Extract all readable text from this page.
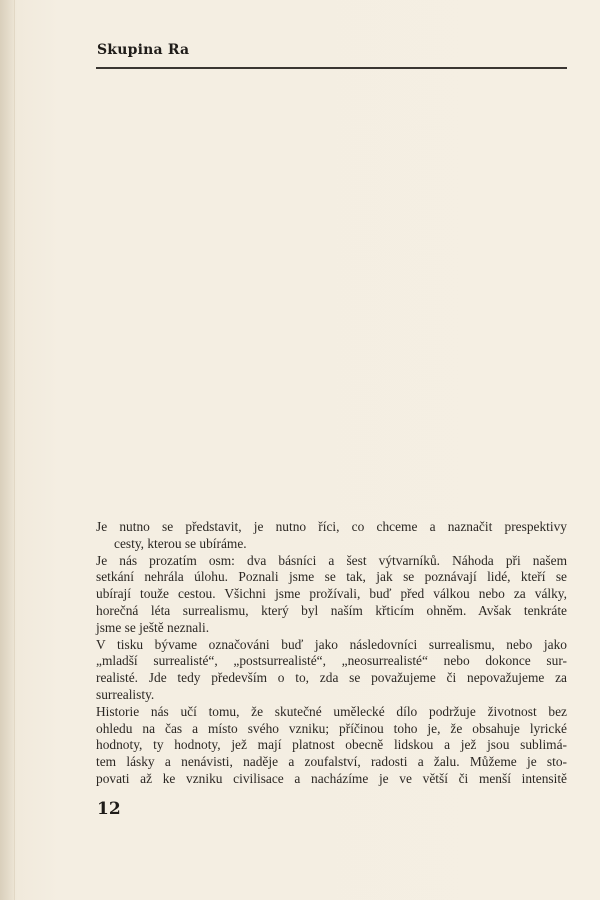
Skupina Ra
Je nutno se představit, je nutno říci, co chceme a naznačit prespektivy
cesty, kterou se ubíráme.
Je nás prozatím osm: dva básníci a šest výtvarníků. Náhoda při našem
setkání nehrála úlohu. Poznali jsme se tak, jak se poznávají lidé, kteří se
ubírají touže cestou. Všichni jsme prožívali, buď před válkou nebo za války,
horečná léta surrealismu, který byl naším křticím ohněm. Avšak tenkráte
jsme se ještě neznali.
V tisku bývame označováni buď jako následovníci surrealismu, nebo jako
„mladší surrealisté“, „postsurrealisté“, „neosurrealisté“ nebo dokonce sur-
realisté. Jde tedy především o to, zda se považujeme či nepovažujeme za
surrealisty.
Historie nás učí tomu, že skutečné umělecké dílo podržuje životnost bez
ohledu na čas a místo svého vzniku; příčinou toho je, že obsahuje lyrické
hodnoty, ty hodnoty, jež mají platnost obecně lidskou a jež jsou sublimá-
tem lásky a nenávisti, naděje a zoufalství, radosti a žalu. Můžeme je sto-
povati až ke vzniku civilisace a nacházíme je ve větší či menší intensitě
12
